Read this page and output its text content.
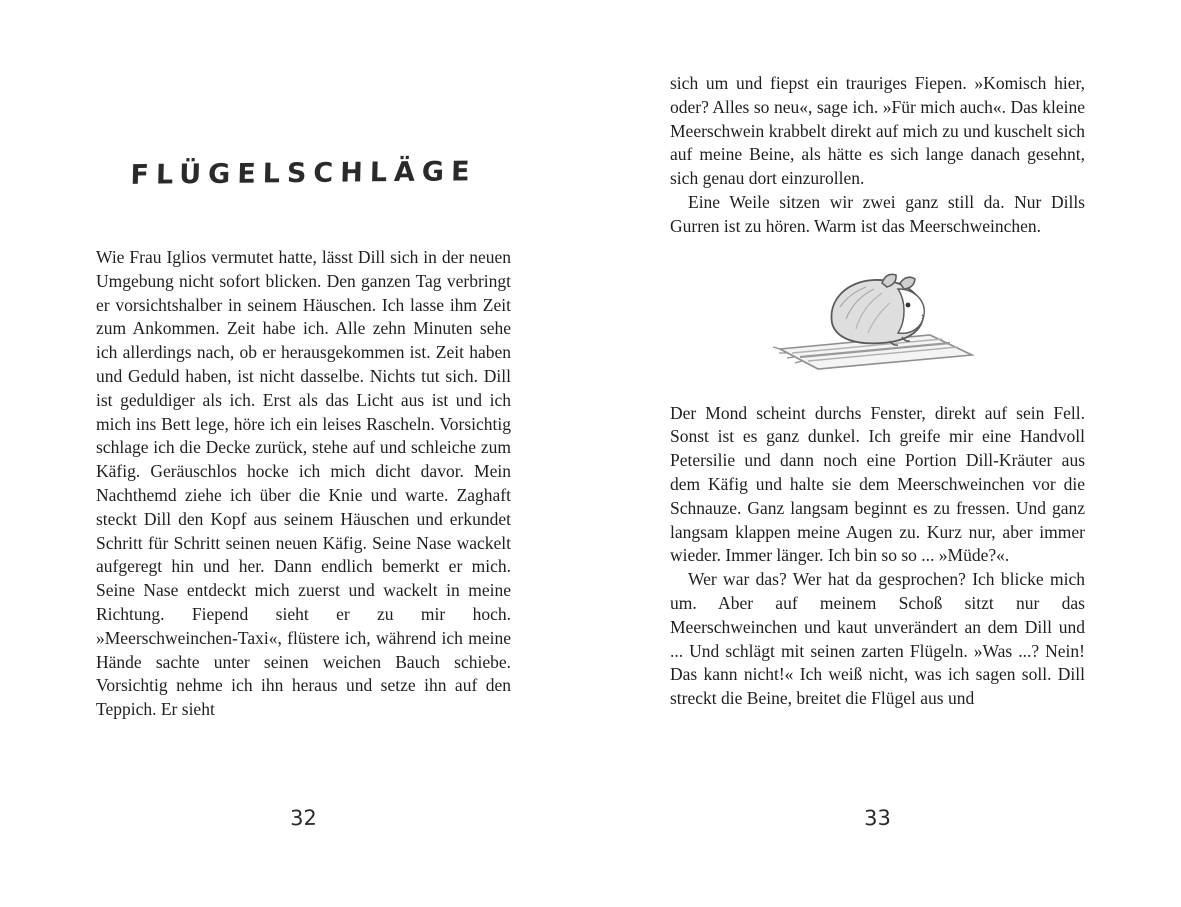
FLÜGELSCHLÄGE

Wie Frau Iglios vermutet hatte, lässt Dill sich in der neuen Umgebung nicht sofort blicken. Den ganzen Tag verbringt er vorsichtshalber in seinem Häuschen. Ich lasse ihm Zeit zum Ankommen. Zeit habe ich. Alle zehn Minuten sehe ich allerdings nach, ob er herausgekommen ist. Zeit haben und Geduld haben, ist nicht dasselbe. Nichts tut sich. Dill ist geduldiger als ich. Erst als das Licht aus ist und ich mich ins Bett lege, höre ich ein leises Rascheln. Vorsichtig schlage ich die Decke zurück, stehe auf und schleiche zum Käfig. Geräuschlos hocke ich mich dicht davor. Mein Nachthemd ziehe ich über die Knie und warte. Zaghaft steckt Dill den Kopf aus seinem Häuschen und erkundet Schritt für Schritt seinen neuen Käfig. Seine Nase wackelt aufgeregt hin und her. Dann endlich bemerkt er mich. Seine Nase entdeckt mich zuerst und wackelt in meine Richtung. Fiepend sieht er zu mir hoch. »Meerschweinchen-Taxi«, flüstere ich, während ich meine Hände sachte unter seinen weichen Bauch schiebe. Vorsichtig nehme ich ihn heraus und setze ihn auf den Teppich. Er sieht

32

sich um und fiepst ein trauriges Fiepen. »Komisch hier, oder? Alles so neu«, sage ich. »Für mich auch«. Das kleine Meerschwein krabbelt direkt auf mich zu und kuschelt sich auf meine Beine, als hätte es sich lange danach gesehnt, sich genau dort einzurollen.

Eine Weile sitzen wir zwei ganz still da. Nur Dills Gurren ist zu hören. Warm ist das Meerschweinchen.

Der Mond scheint durchs Fenster, direkt auf sein Fell. Sonst ist es ganz dunkel. Ich greife mir eine Handvoll Petersilie und dann noch eine Portion Dill-Kräuter aus dem Käfig und halte sie dem Meerschweinchen vor die Schnauze. Ganz langsam beginnt es zu fressen. Und ganz langsam klappen meine Augen zu. Kurz nur, aber immer wieder. Immer länger. Ich bin so so ... »Müde?«.

Wer war das? Wer hat da gesprochen? Ich blicke mich um. Aber auf meinem Schoß sitzt nur das Meerschweinchen und kaut unverändert an dem Dill und ... Und schlägt mit seinen zarten Flügeln. »Was ...? Nein! Das kann nicht!« Ich weiß nicht, was ich sagen soll. Dill streckt die Beine, breitet die Flügel aus und

33
